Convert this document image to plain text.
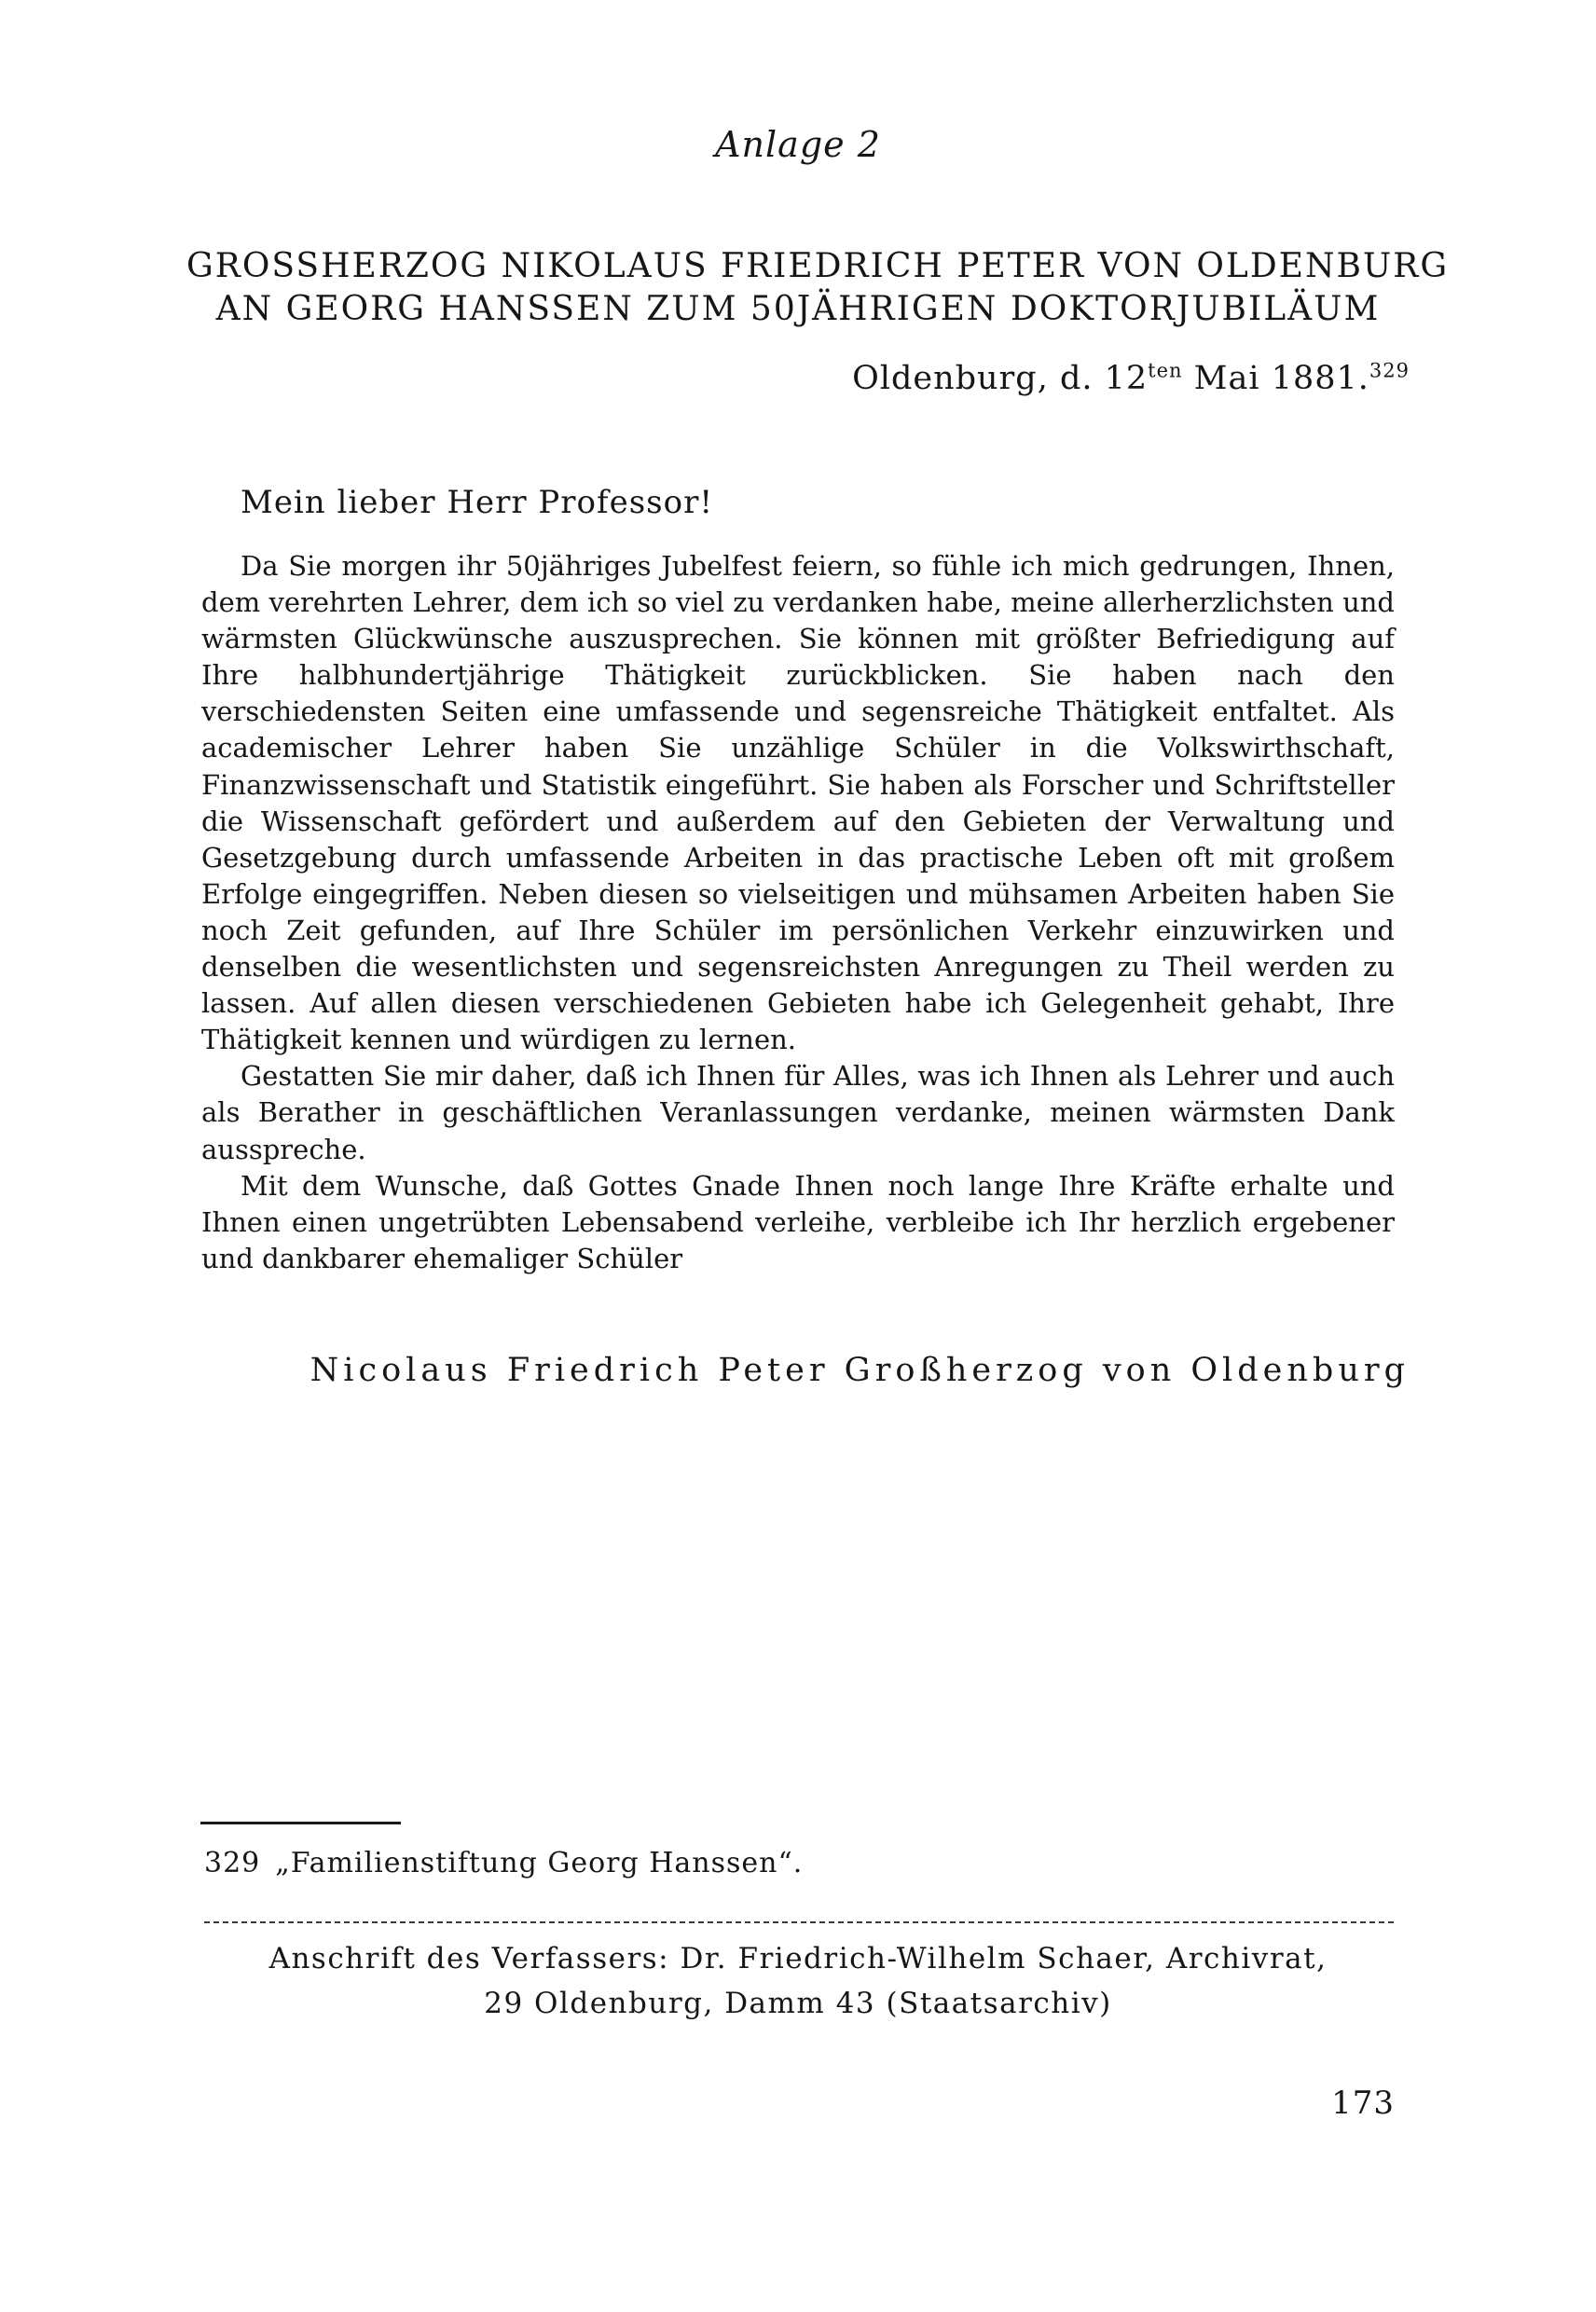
Anlage 2
GROSSHERZOG NIKOLAUS FRIEDRICH PETER VON OLDENBURG
AN GEORG HANSSEN ZUM 50JÄHRIGEN DOKTORJUBILÄUM
Oldenburg, d. $12^{ten}$ Mai 1881.$^{329}$
Mein lieber Herr Professor!

Da Sie morgen ihr 50jähriges Jubelfest feiern, so fühle ich mich gedrungen, Ihnen, dem verehrten Lehrer, dem ich so viel zu verdanken habe, meine allerherzlichsten und wärmsten Glückwünsche auszusprechen. Sie können mit größter Befriedigung auf Ihre halbhundertjährige Thätigkeit zurückblicken. Sie haben nach den verschiedensten Seiten eine umfassende und segensreiche Thätigkeit entfaltet. Als academischer Lehrer haben Sie unzählige Schüler in die Volkswirthschaft, Finanzwissenschaft und Statistik eingeführt. Sie haben als Forscher und Schriftsteller die Wissenschaft gefördert und außerdem auf den Gebieten der Verwaltung und Gesetzgebung durch umfassende Arbeiten in das practische Leben oft mit großem Erfolge eingegriffen. Neben diesen so vielseitigen und mühsamen Arbeiten haben Sie noch Zeit gefunden, auf Ihre Schüler im persönlichen Verkehr einzuwirken und denselben die wesentlichsten und segensreichsten Anregungen zu Theil werden zu lassen. Auf allen diesen verschiedenen Gebieten habe ich Gelegenheit gehabt, Ihre Thätigkeit kennen und würdigen zu lernen.

Gestatten Sie mir daher, daß ich Ihnen für Alles, was ich Ihnen als Lehrer und auch als Berather in geschäftlichen Veranlassungen verdanke, meinen wärmsten Dank ausspreche.

Mit dem Wunsche, daß Gottes Gnade Ihnen noch lange Ihre Kräfte erhalte und Ihnen einen ungetrübten Lebensabend verleihe, verbleibe ich Ihr herzlich ergebener und dankbarer ehemaliger Schüler

Nicolaus Friedrich Peter Großherzog von Oldenburg
329 „Familienstiftung Georg Hanssen“.
Anschrift des Verfassers: Dr. Friedrich-Wilhelm Schaer, Archivrat,
29 Oldenburg, Damm 43 (Staatsarchiv)
173
